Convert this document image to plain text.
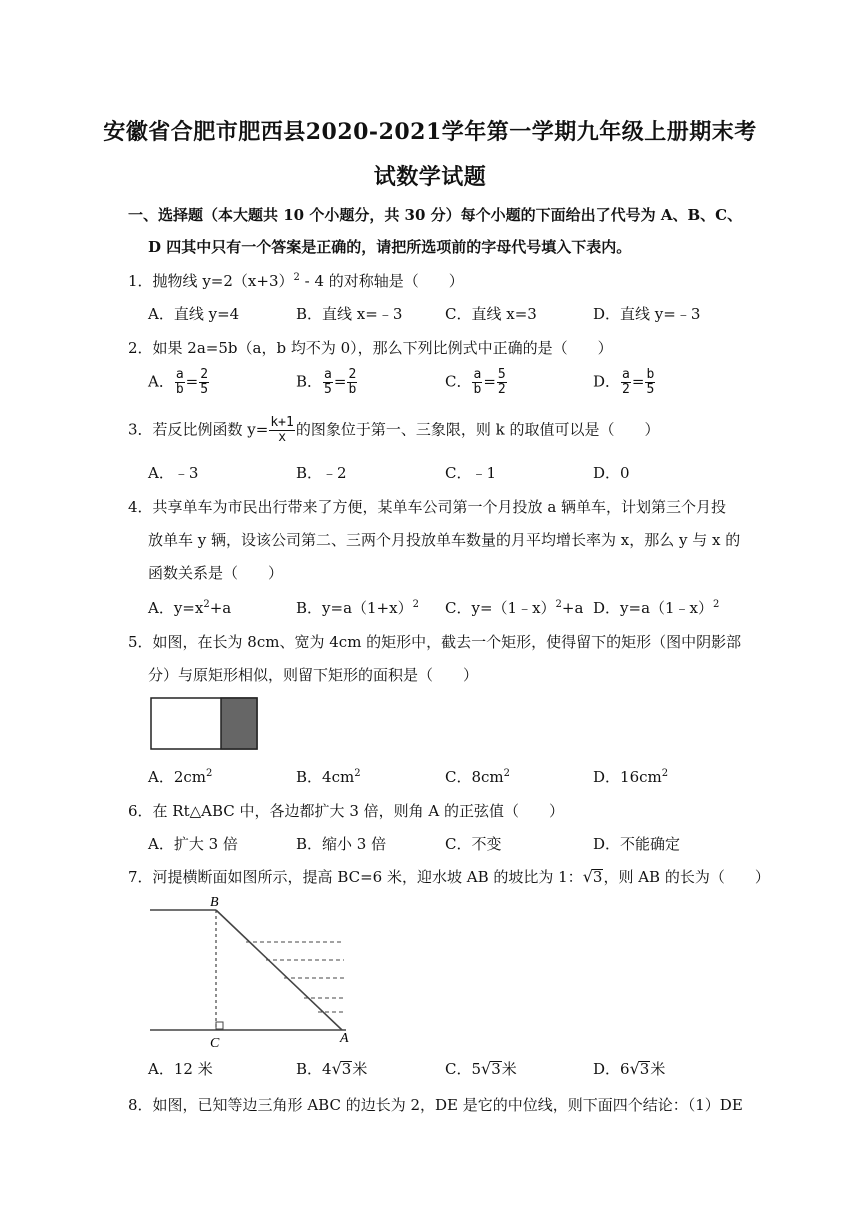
安徽省合肥市肥西县2020-2021学年第一学期九年级上册期末考
试数学试题
一、选择题（本大题共 10 个小题分，共 30 分）每个小题的下面给出了代号为 A、B、C、
D 四其中只有一个答案是正确的，请把所选项前的字母代号填入下表内。
1．抛物线 $y=2(x+3)^2 - 4$ 的对称轴是（　　）
A．直线 y=4	B．直线 x=﹣3	C．直线 x=3	D．直线 y=﹣3
2．如果 2a=5b（a，b 均不为 0），那么下列比例式中正确的是（　　）
A． $\frac{a}{b} = \frac{2}{5}$	B． $\frac{a}{5} = \frac{2}{b}$	C． $\frac{a}{b} = \frac{5}{2}$	D． $\frac{a}{2} = \frac{b}{5}$
3．若反比例函数 $y= \frac{k+1}{x}$ 的图象位于第一、三象限，则 k 的取值可以是（　　）
A．﹣3	B．﹣2	C．﹣1	D．0
4．共享单车为市民出行带来了方便，某单车公司第一个月投放 a 辆单车，计划第三个月投
放单车 y 辆，设该公司第二、三两个月投放单车数量的月平均增长率为 x，那么 y 与 x 的
函数关系是（　　）
A．$y=x^2+a$	B．$y=a(1+x)^2$ C．y=（1﹣x）$^2$+a D．y=a（1﹣x）$^2$
5．如图，在长为 8cm、宽为 4cm 的矩形中，截去一个矩形，使得留下的矩形（图中阴影部
分）与原矩形相似，则留下矩形的面积是（　　）
A．$2cm^2$	B．$4cm^2$	C．$8cm^2$	D．$16cm^2$
6．在 Rt△ABC 中，各边都扩大 3 倍，则角 A 的正弦值（　　）
A．扩大 3 倍	B．缩小 3 倍	C．不变	D．不能确定
7．河提横断面如图所示，提高 BC=6 米，迎水坡 AB 的坡比为 1：√3，则 AB 的长为（　　）
B
C	A
A．12 米	B．4√3米	C．5√3米	D．6√3米
8．如图，已知等边三角形 ABC 的边长为 2，DE 是它的中位线，则下面四个结论：（1）DE
